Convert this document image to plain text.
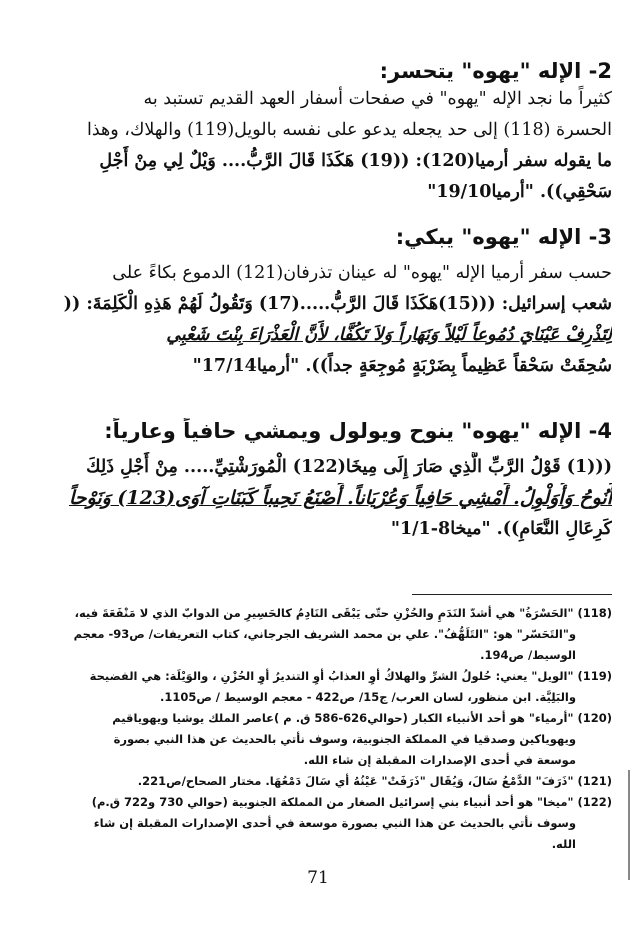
2- الإله "يهوه" يتحسر:
كثيراً ما نجد الإله "يهوه" في صفحات أسفار العهد القديم تستبد به
الحسرة (118) إلى حد يجعله يدعو على نفسه بالويل(119) والهلاك، وهذا
ما يقوله سفر أرميا(120): ((19) هَكَذَا قَالَ الرَّبُّ.... وَيْلٌ لِي مِنْ أَجْلِ
سَحْقِي)). "أرميا19/10"
3- الإله "يهوه" يبكي:
حسب سفر أرميا الإله "يهوه" له عينان تذرفان(121) الدموع بكاءً على
شعب إسرائيل: (((15)هَكَذَا قَالَ الرَّبُّ.....(17) وَتَقُولُ لَهُمْ هَذِهِ الْكَلِمَةَ: ((
لِتَذْرِفْ عَيْنَايَ دُمُوعاً لَيْلاً وَنَهَاراً وَلاَ تَكُفَّا، لأَنَّ الْعَذْرَاءَ بِنْتَ شَعْبِي
سُحِقَتْ سَحْقاً عَظِيماً بِضَرْبَةٍ مُوجِعَةٍ جداً)). "أرميا17/14"
4- الإله "يهوه" ينوح ويولول ويمشي حافياً وعارياً:
(((1) قَوْلُ الرَّبِّ الَّذِي صَارَ إِلَى مِيخَا(122) الْمُورَشْتِيِّ..... مِنْ أَجْلِ ذَلِكَ
أَنُوحُ وَأُوَلْوِلُ. أَمْشِي حَافِياً وَعُرْيَاناً. أَصْنَعُ نَحِيباً كَبَنَاتِ آوَى(123) وَنَوْحاً
كَرِعَالِ النَّعَامِ)). "ميخا8-1/1"
(118) "الحَسْرَةُ" هي أشدّ النَدَمِ والحُزْنِ حتّى يَبْقَى النَادِمُ كالحَسِيرِ من الدوابّ الذي لا مَنْفَعَةَ فيه،
و"التَحَسّر" هو: "التَلَهُّفُ". علي بن محمد الشريف الجرجاني، كتاب التعريفات/ ص93- معجم
الوسيط/ ص194.
(119) "الويل" يعني: حُلولُ الشرِّ والهلاكُ أوِ العذابُ أوِ التنديرُ أوِ الحُزْنِ ، والوَيْلَة: هي الفضيحة
والبَلِيَّة. ابن منظور، لسان العرب/ ج15/ ص422 - معجم الوسيط / ص1105.
(120) "أرمياء" هو أحد الأنبياء الكبار (حوالي626-586 ق. م )عاصر الملك يوشيا ويهوياقيم
ويهوياكين وصدقيا في المملكة الجنوبية، وسوف نأتي بالحديث عن هذا النبي بصورة
موسعة في أحدى الإصدارات المقبلة إن شاء الله.
(121) "ذَرَفَ" الدَّمْعُ سَالَ، وَيُقَال "ذَرَفَتْ" عَيْنُهُ أي سَالَ دَمْعُهَا. مختار الصحاح/ص221.
(122) "ميخا" هو أحد أنبياء بني إسرائيل الصغار من المملكة الجنوبية (حوالي 730 و722 ق.م)
وسوف نأتي بالحديث عن هذا النبي بصورة موسعة في أحدى الإصدارات المقبلة إن شاء
الله.
71
